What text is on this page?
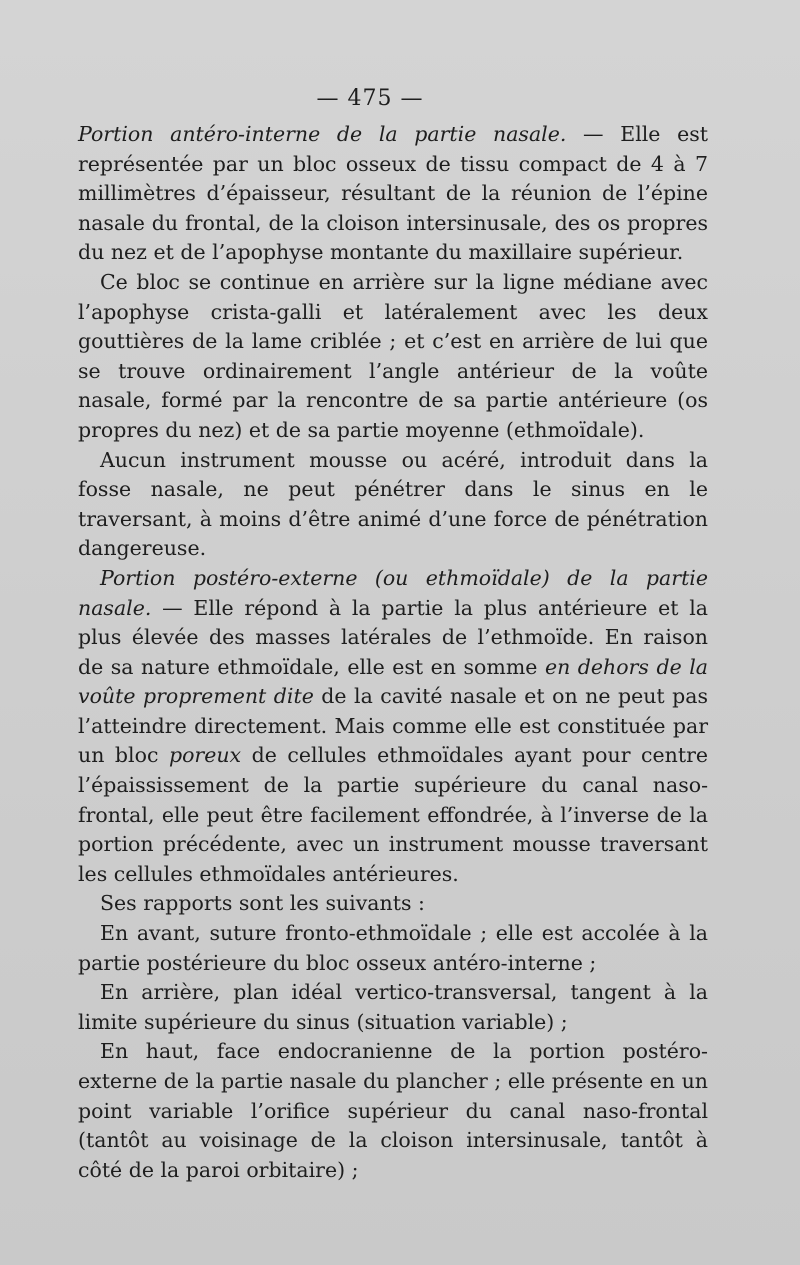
— 475 —

Portion antéro-interne de la partie nasale. — Elle est représentée par un bloc osseux de tissu compact de 4 à 7 millimètres d’épaisseur, résultant de la réunion de l’épine nasale du frontal, de la cloison intersinusale, des os propres du nez et de l’apophyse montante du maxillaire supérieur.

Ce bloc se continue en arrière sur la ligne médiane avec l’apophyse crista-galli et latéralement avec les deux gouttières de la lame criblée ; et c’est en arrière de lui que se trouve ordinairement l’angle antérieur de la voûte nasale, formé par la rencontre de sa partie antérieure (os propres du nez) et de sa partie moyenne (ethmoïdale).

Aucun instrument mousse ou acéré, introduit dans la fosse nasale, ne peut pénétrer dans le sinus en le traversant, à moins d’être animé d’une force de pénétration dangereuse.

Portion postéro-externe (ou ethmoïdale) de la partie nasale. — Elle répond à la partie la plus antérieure et la plus élevée des masses latérales de l’ethmoïde. En raison de sa nature ethmoïdale, elle est en somme en dehors de la voûte proprement dite de la cavité nasale et on ne peut pas l’atteindre directement. Mais comme elle est constituée par un bloc poreux de cellules ethmoïdales ayant pour centre l’épaississement de la partie supérieure du canal naso-frontal, elle peut être facilement effondrée, à l’inverse de la portion précédente, avec un instrument mousse traversant les cellules ethmoïdales antérieures.

Ses rapports sont les suivants :

En avant, suture fronto-ethmoïdale ; elle est accolée à la partie postérieure du bloc osseux antéro-interne ;

En arrière, plan idéal vertico-transversal, tangent à la limite supérieure du sinus (situation variable) ;

En haut, face endocranienne de la portion postéro-externe de la partie nasale du plancher ; elle présente en un point variable l’orifice supérieur du canal naso-frontal (tantôt au voisinage de la cloison intersinusale, tantôt à côté de la paroi orbitaire) ;
